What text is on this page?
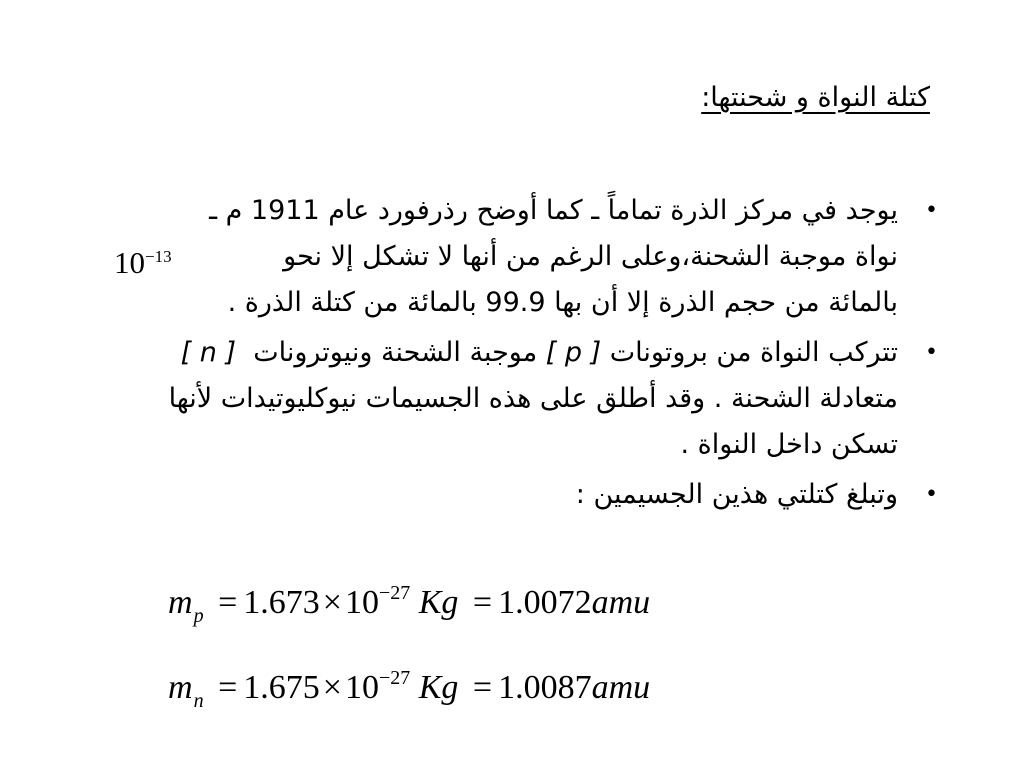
كتلة النواة و شحنتها:
•
يوجد في مركز الذرة تماماً ـ كما أوضح رذرفورد عام 1911 م ـ
نواة موجبة الشحنة،وعلى الرغم من أنها لا تشكل إلا نحو
بالمائة من حجم الذرة إلا أن بها 99.9 بالمائة من كتلة الذرة .
•
تتركب النواة من بروتونات [ p ] موجبة الشحنة ونيوترونات  [ n ]
متعادلة الشحنة . وقد أطلق على هذه الجسيمات نيوكليوتيدات لأنها
تسكن داخل النواة .
•
وتبلغ كتلتي هذين الجسيمين :
$10^{-13}$
$m_p = 1.673\times 10^{-27}$ Kg = 1.0072amu
$m_n = 1.675\times 10^{-27}$ Kg = 1.0087amu
